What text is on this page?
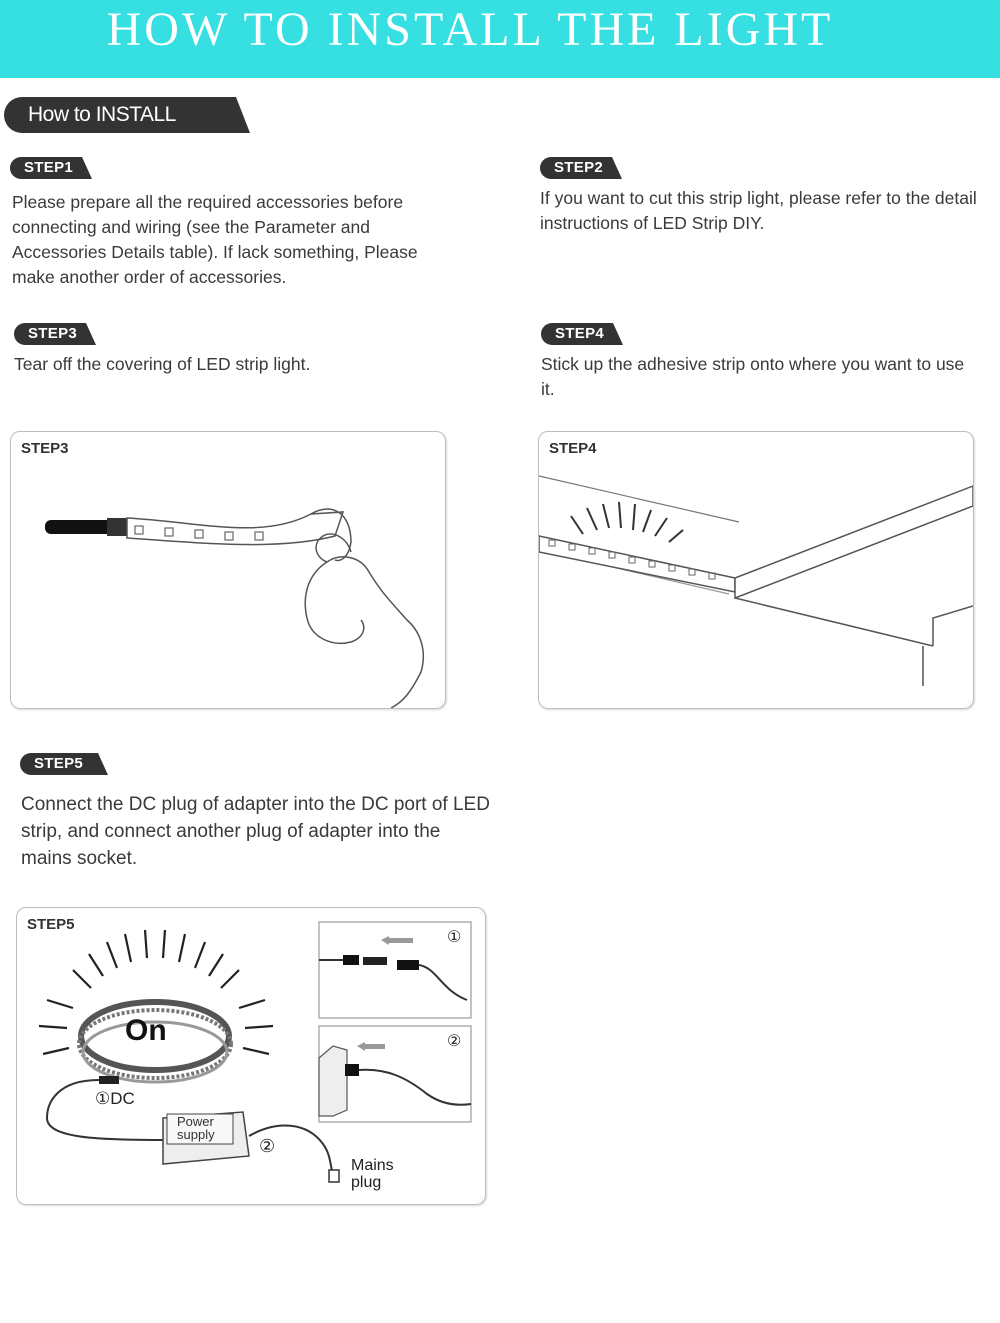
HOW TO INSTALL THE LIGHT
How to INSTALL
STEP1

Please prepare all the required accessories before connecting and wiring (see the Parameter and Accessories Details table). If lack something, Please make another order of accessories.

STEP2

If you want to cut this strip light, please refer to the detail instructions of LED Strip DIY.

STEP3

Tear off the covering of LED strip light.

STEP4

Stick up the adhesive strip onto where you want to use it.

STEP3	STEP4
STEP5

Connect the DC plug of adapter into the DC port of LED strip, and connect another plug of adapter into the mains socket.

On
①DC
Power
supply
②
Mains
plug
①
②
STEP5
